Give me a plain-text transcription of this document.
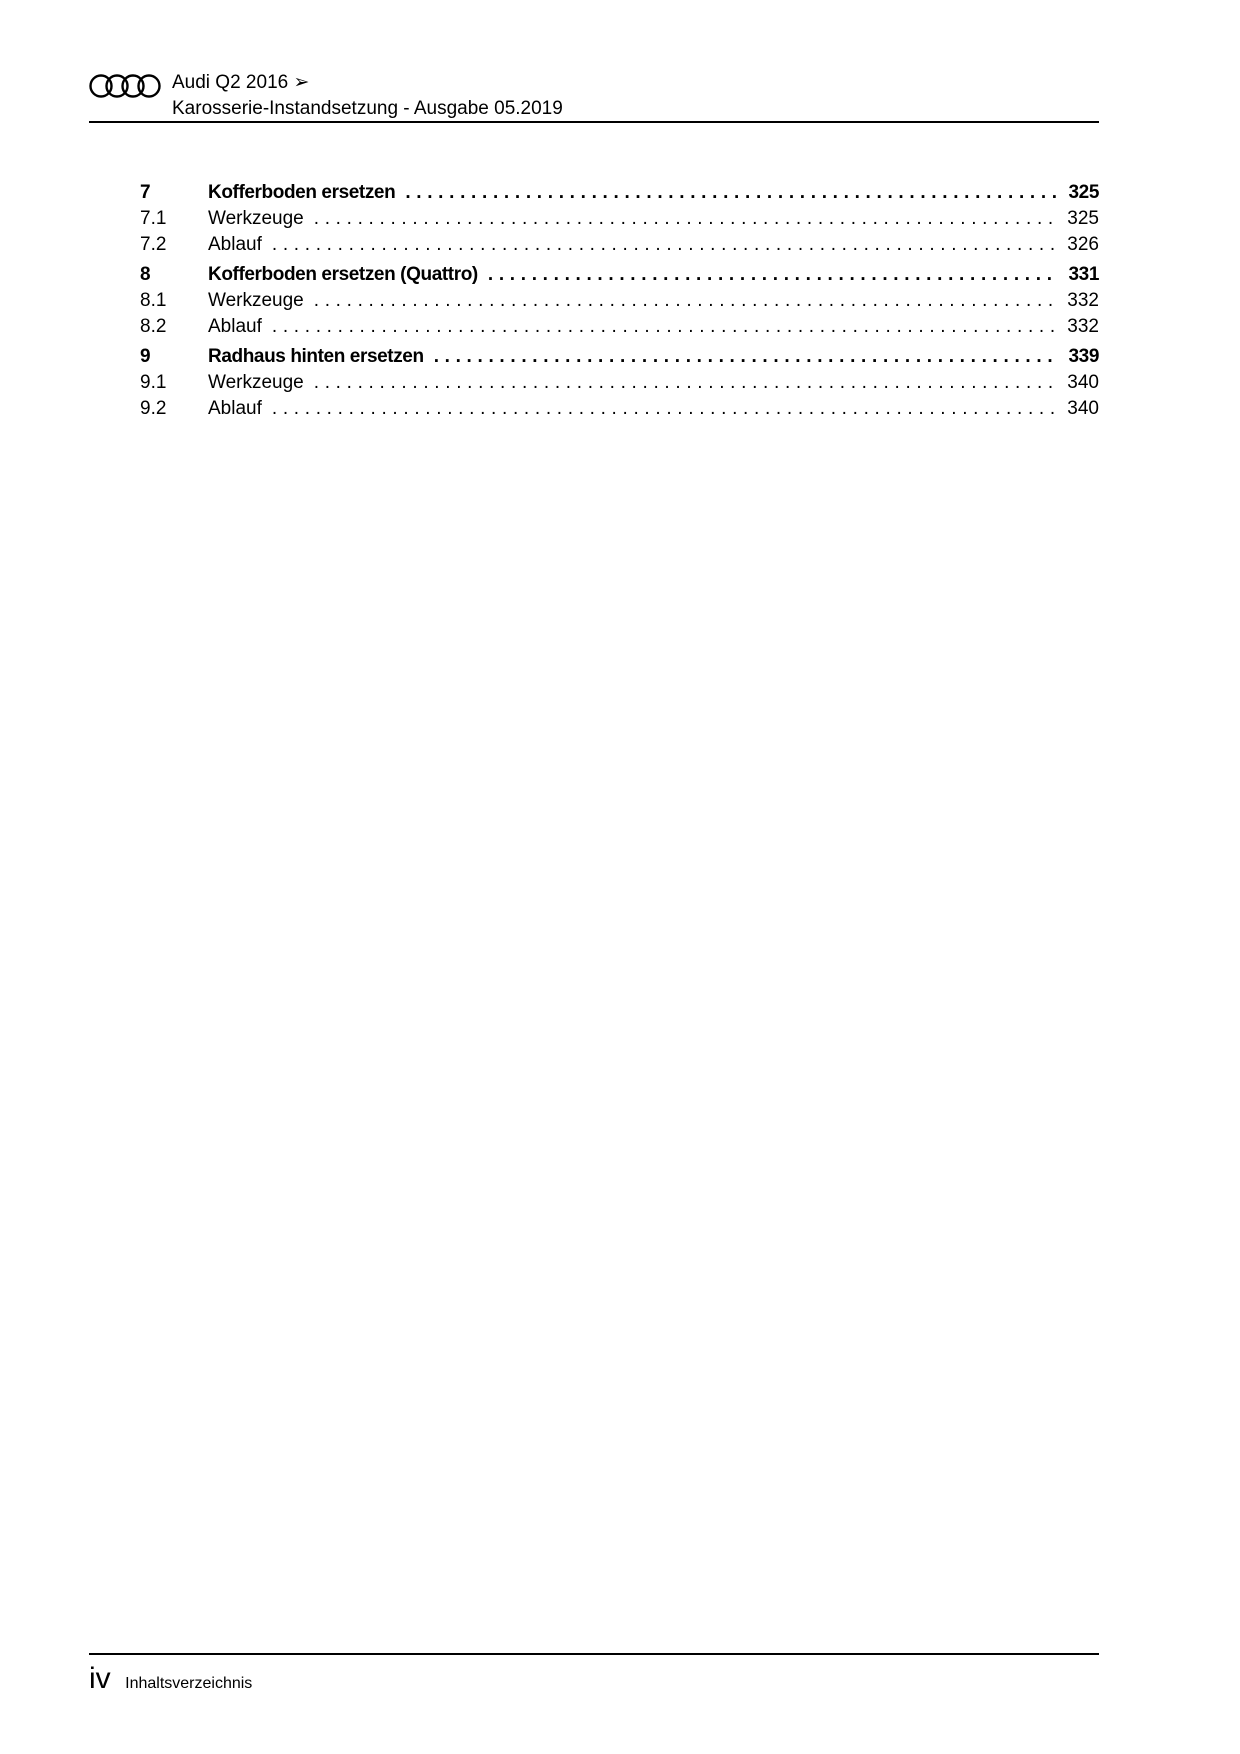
Audi Q2 2016 ➢
Karosserie-Instandsetzung - Ausgabe 05.2019
7	Kofferboden ersetzen . . .	325
7.1	Werkzeuge . . .	325
7.2	Ablauf . . .	326
8	Kofferboden ersetzen (Quattro) . . .	331
8.1	Werkzeuge . . .	332
8.2	Ablauf . . .	332
9	Radhaus hinten ersetzen . . .	339
9.1	Werkzeuge . . .	340
9.2	Ablauf . . .	340
iv Inhaltsverzeichnis
